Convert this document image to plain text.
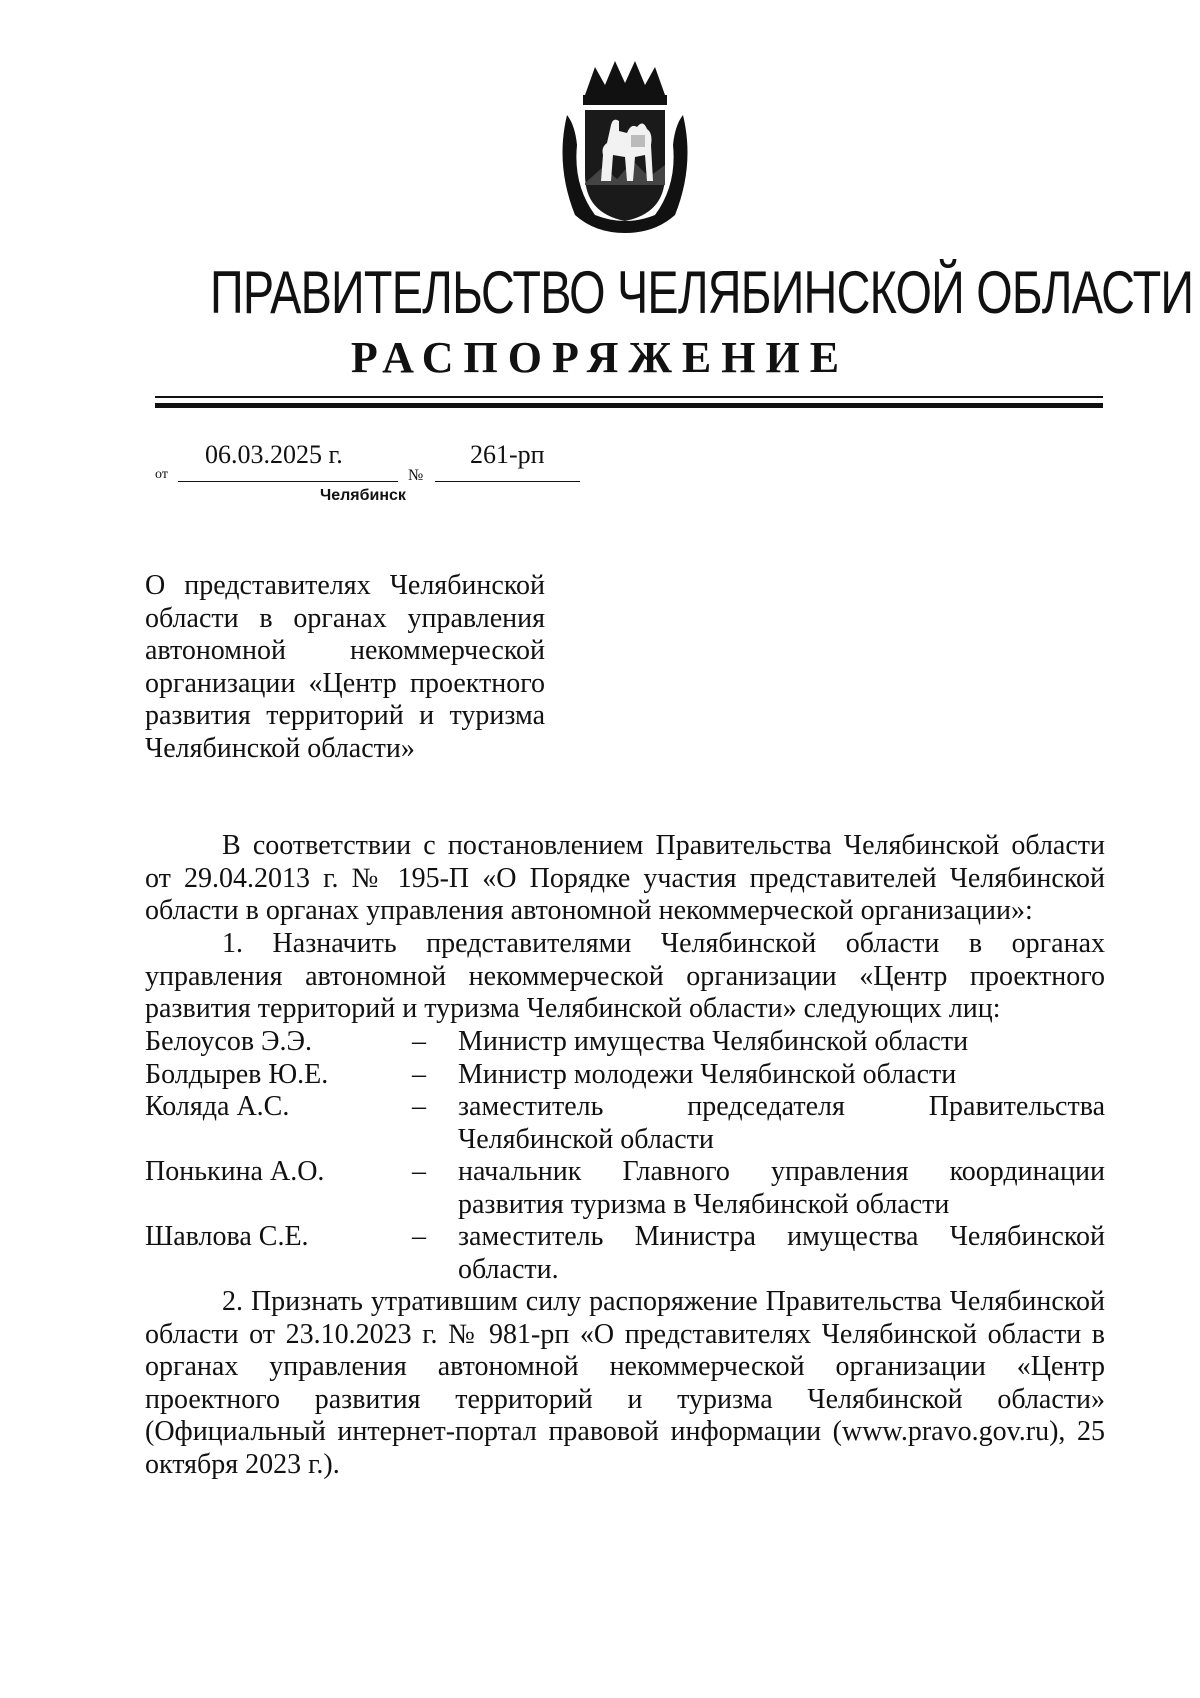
ПРАВИТЕЛЬСТВО ЧЕЛЯБИНСКОЙ ОБЛАСТИ
РАСПОРЯЖЕНИЕ
от
06.03.2025 г.
№
261-рп
Челябинск
О представителях Челябинской
области в органах управления
автономной некоммерческой
организации «Центр проектного
развития территорий и туризма
Челябинской области»
В соответствии с постановлением Правительства Челябинской области от 29.04.2013 г. № 195-П «О Порядке участия представителей Челябинской области в органах управления автономной некоммерческой организации»:
1. Назначить представителями Челябинской области в органах управления автономной некоммерческой организации «Центр проектного развития территорий и туризма Челябинской области» следующих лиц:
Белоусов Э.Э.	– Министр имущества Челябинской области
Болдырев Ю.Е.	– Министр молодежи Челябинской области
Коляда А.С.	– заместитель председателя Правительства Челябинской области
Понькина А.О.	– начальник Главного управления координации развития туризма в Челябинской области
Шавлова С.Е.	– заместитель Министра имущества Челябинской области.
2. Признать утратившим силу распоряжение Правительства Челябинской области от 23.10.2023 г. № 981-рп «О представителях Челябинской области в органах управления автономной некоммерческой организации «Центр проектного развития территорий и туризма Челябинской области» (Официальный интернет-портал правовой информации (www.pravo.gov.ru), 25 октября 2023 г.).
